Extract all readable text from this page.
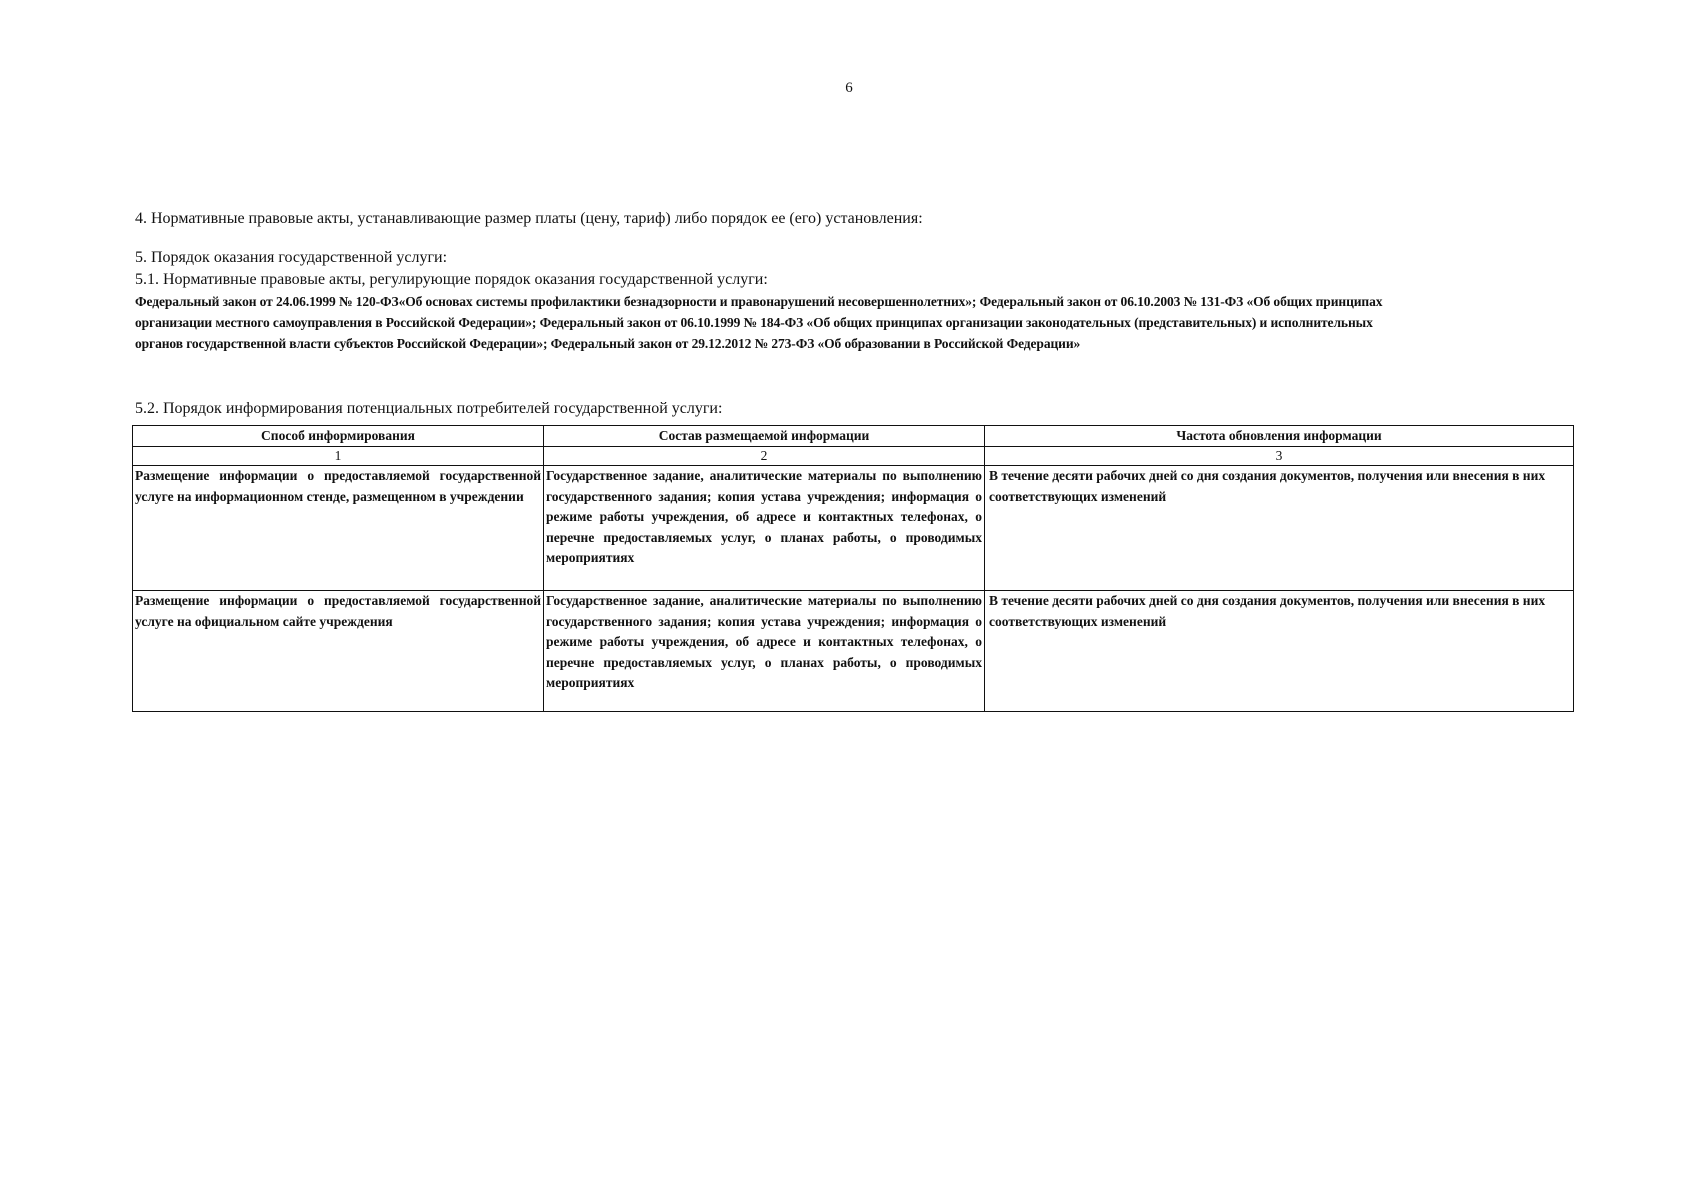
6

4. Нормативные правовые акты, устанавливающие размер платы (цену, тариф) либо порядок ее (его) установления:

5. Порядок оказания государственной услуги:

5.1. Нормативные правовые акты, регулирующие порядок оказания государственной услуги:

Федеральный закон от 24.06.1999 № 120-ФЗ«Об основах системы профилактики безнадзорности и правонарушений несовершеннолетних»; Федеральный закон от 06.10.2003 № 131-ФЗ «Об общих принципах

организации местного самоуправления в Российской Федерации»; Федеральный закон от 06.10.1999 № 184-ФЗ «Об общих принципах организации законодательных (представительных) и исполнительных

органов государственной власти субъектов Российской Федерации»; Федеральный закон от 29.12.2012 № 273-ФЗ «Об образовании в Российской Федерации»

5.2. Порядок информирования потенциальных потребителей государственной услуги:

Способ информирования	Состав размещаемой информации	Частота обновления информации
1	2	3
Размещение информации о предоставляемой государственной услуге на информационном стенде, размещенном в учреждении	Государственное задание, аналитические материалы по выполнению государственного задания; копия устава учреждения; информация о режиме работы учреждения, об адресе и контактных телефонах, о перечне предоставляемых услуг, о планах работы, о проводимых мероприятиях	В течение десяти рабочих дней со дня создания документов, получения или внесения в них соответствующих изменений
Размещение информации о предоставляемой государственной услуге на официальном сайте учреждения	Государственное задание, аналитические материалы по выполнению государственного задания; копия устава учреждения; информация о режиме работы учреждения, об адресе и контактных телефонах, о перечне предоставляемых услуг, о планах работы, о проводимых мероприятиях	В течение десяти рабочих дней со дня создания документов, получения или внесения в них соответствующих изменений
